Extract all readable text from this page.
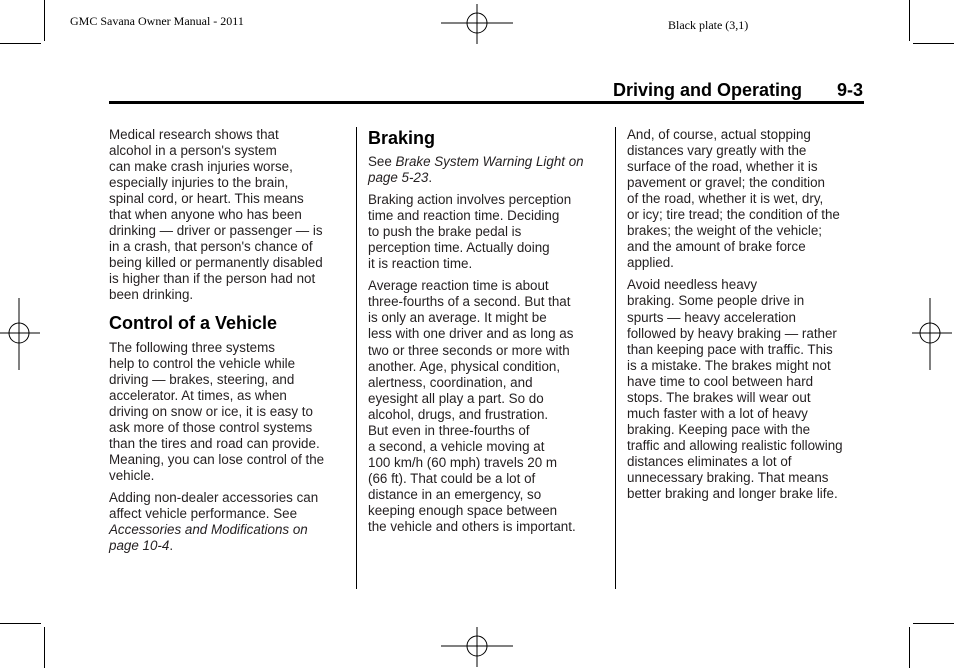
GMC Savana Owner Manual - 2011	Black plate (3,1)
Driving and Operating 9-3

Medical research shows that
alcohol in a person's system
can make crash injuries worse,
especially injuries to the brain,
spinal cord, or heart. This means
that when anyone who has been
drinking — driver or passenger — is
in a crash, that person's chance of
being killed or permanently disabled
is higher than if the person had not
been drinking.

Control of a Vehicle

The following three systems
help to control the vehicle while
driving — brakes, steering, and
accelerator. At times, as when
driving on snow or ice, it is easy to
ask more of those control systems
than the tires and road can provide.
Meaning, you can lose control of the
vehicle.

Adding non-dealer accessories can
affect vehicle performance. See
Accessories and Modifications on
page 10-4.

Braking

See Brake System Warning Light on
page 5-23.

Braking action involves perception
time and reaction time. Deciding
to push the brake pedal is
perception time. Actually doing
it is reaction time.

Average reaction time is about
three-fourths of a second. But that
is only an average. It might be
less with one driver and as long as
two or three seconds or more with
another. Age, physical condition,
alertness, coordination, and
eyesight all play a part. So do
alcohol, drugs, and frustration.
But even in three-fourths of
a second, a vehicle moving at
100 km/h (60 mph) travels 20 m
(66 ft). That could be a lot of
distance in an emergency, so
keeping enough space between
the vehicle and others is important.

And, of course, actual stopping
distances vary greatly with the
surface of the road, whether it is
pavement or gravel; the condition
of the road, whether it is wet, dry,
or icy; tire tread; the condition of the
brakes; the weight of the vehicle;
and the amount of brake force
applied.

Avoid needless heavy
braking. Some people drive in
spurts — heavy acceleration
followed by heavy braking — rather
than keeping pace with traffic. This
is a mistake. The brakes might not
have time to cool between hard
stops. The brakes will wear out
much faster with a lot of heavy
braking. Keeping pace with the
traffic and allowing realistic following
distances eliminates a lot of
unnecessary braking. That means
better braking and longer brake life.
